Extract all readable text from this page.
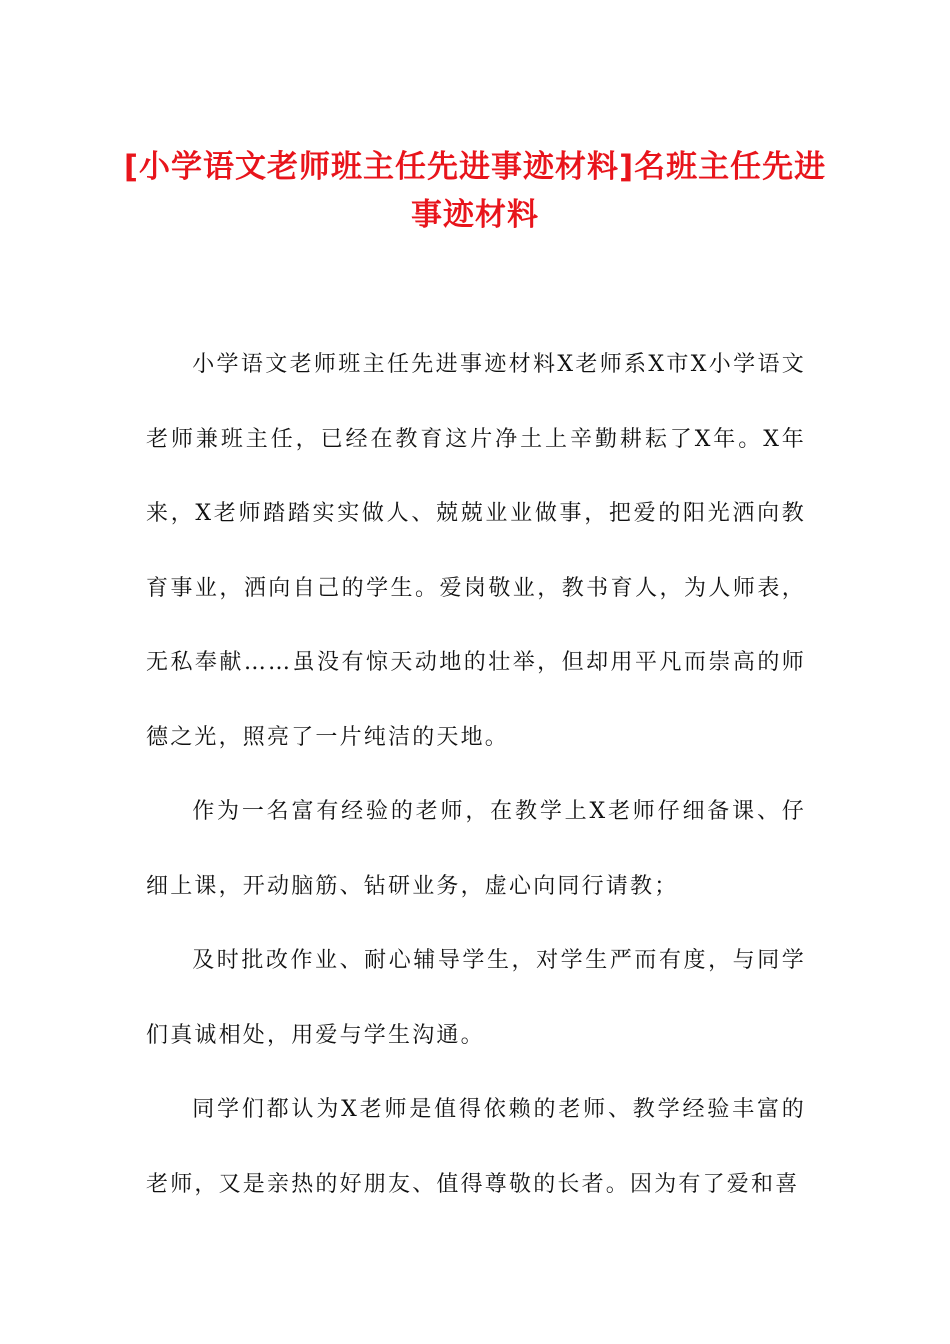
[小学语文老师班主任先进事迹材料]名班主任先进事迹材料

小学语文老师班主任先进事迹材料X老师系X市X小学语文老师兼班主任，已经在教育这片净土上辛勤耕耘了X年。X年来，X老师踏踏实实做人、兢兢业业做事，把爱的阳光洒向教育事业，洒向自己的学生。爱岗敬业，教书育人，为人师表，无私奉献……虽没有惊天动地的壮举，但却用平凡而崇高的师德之光，照亮了一片纯洁的天地。

作为一名富有经验的老师，在教学上X老师仔细备课、仔细上课，开动脑筋、钻研业务，虚心向同行请教；

及时批改作业、耐心辅导学生，对学生严而有度，与同学们真诚相处，用爱与学生沟通。

同学们都认为X老师是值得依赖的老师、教学经验丰富的老师，又是亲热的好朋友、值得尊敬的长者。因为有了爱和喜
